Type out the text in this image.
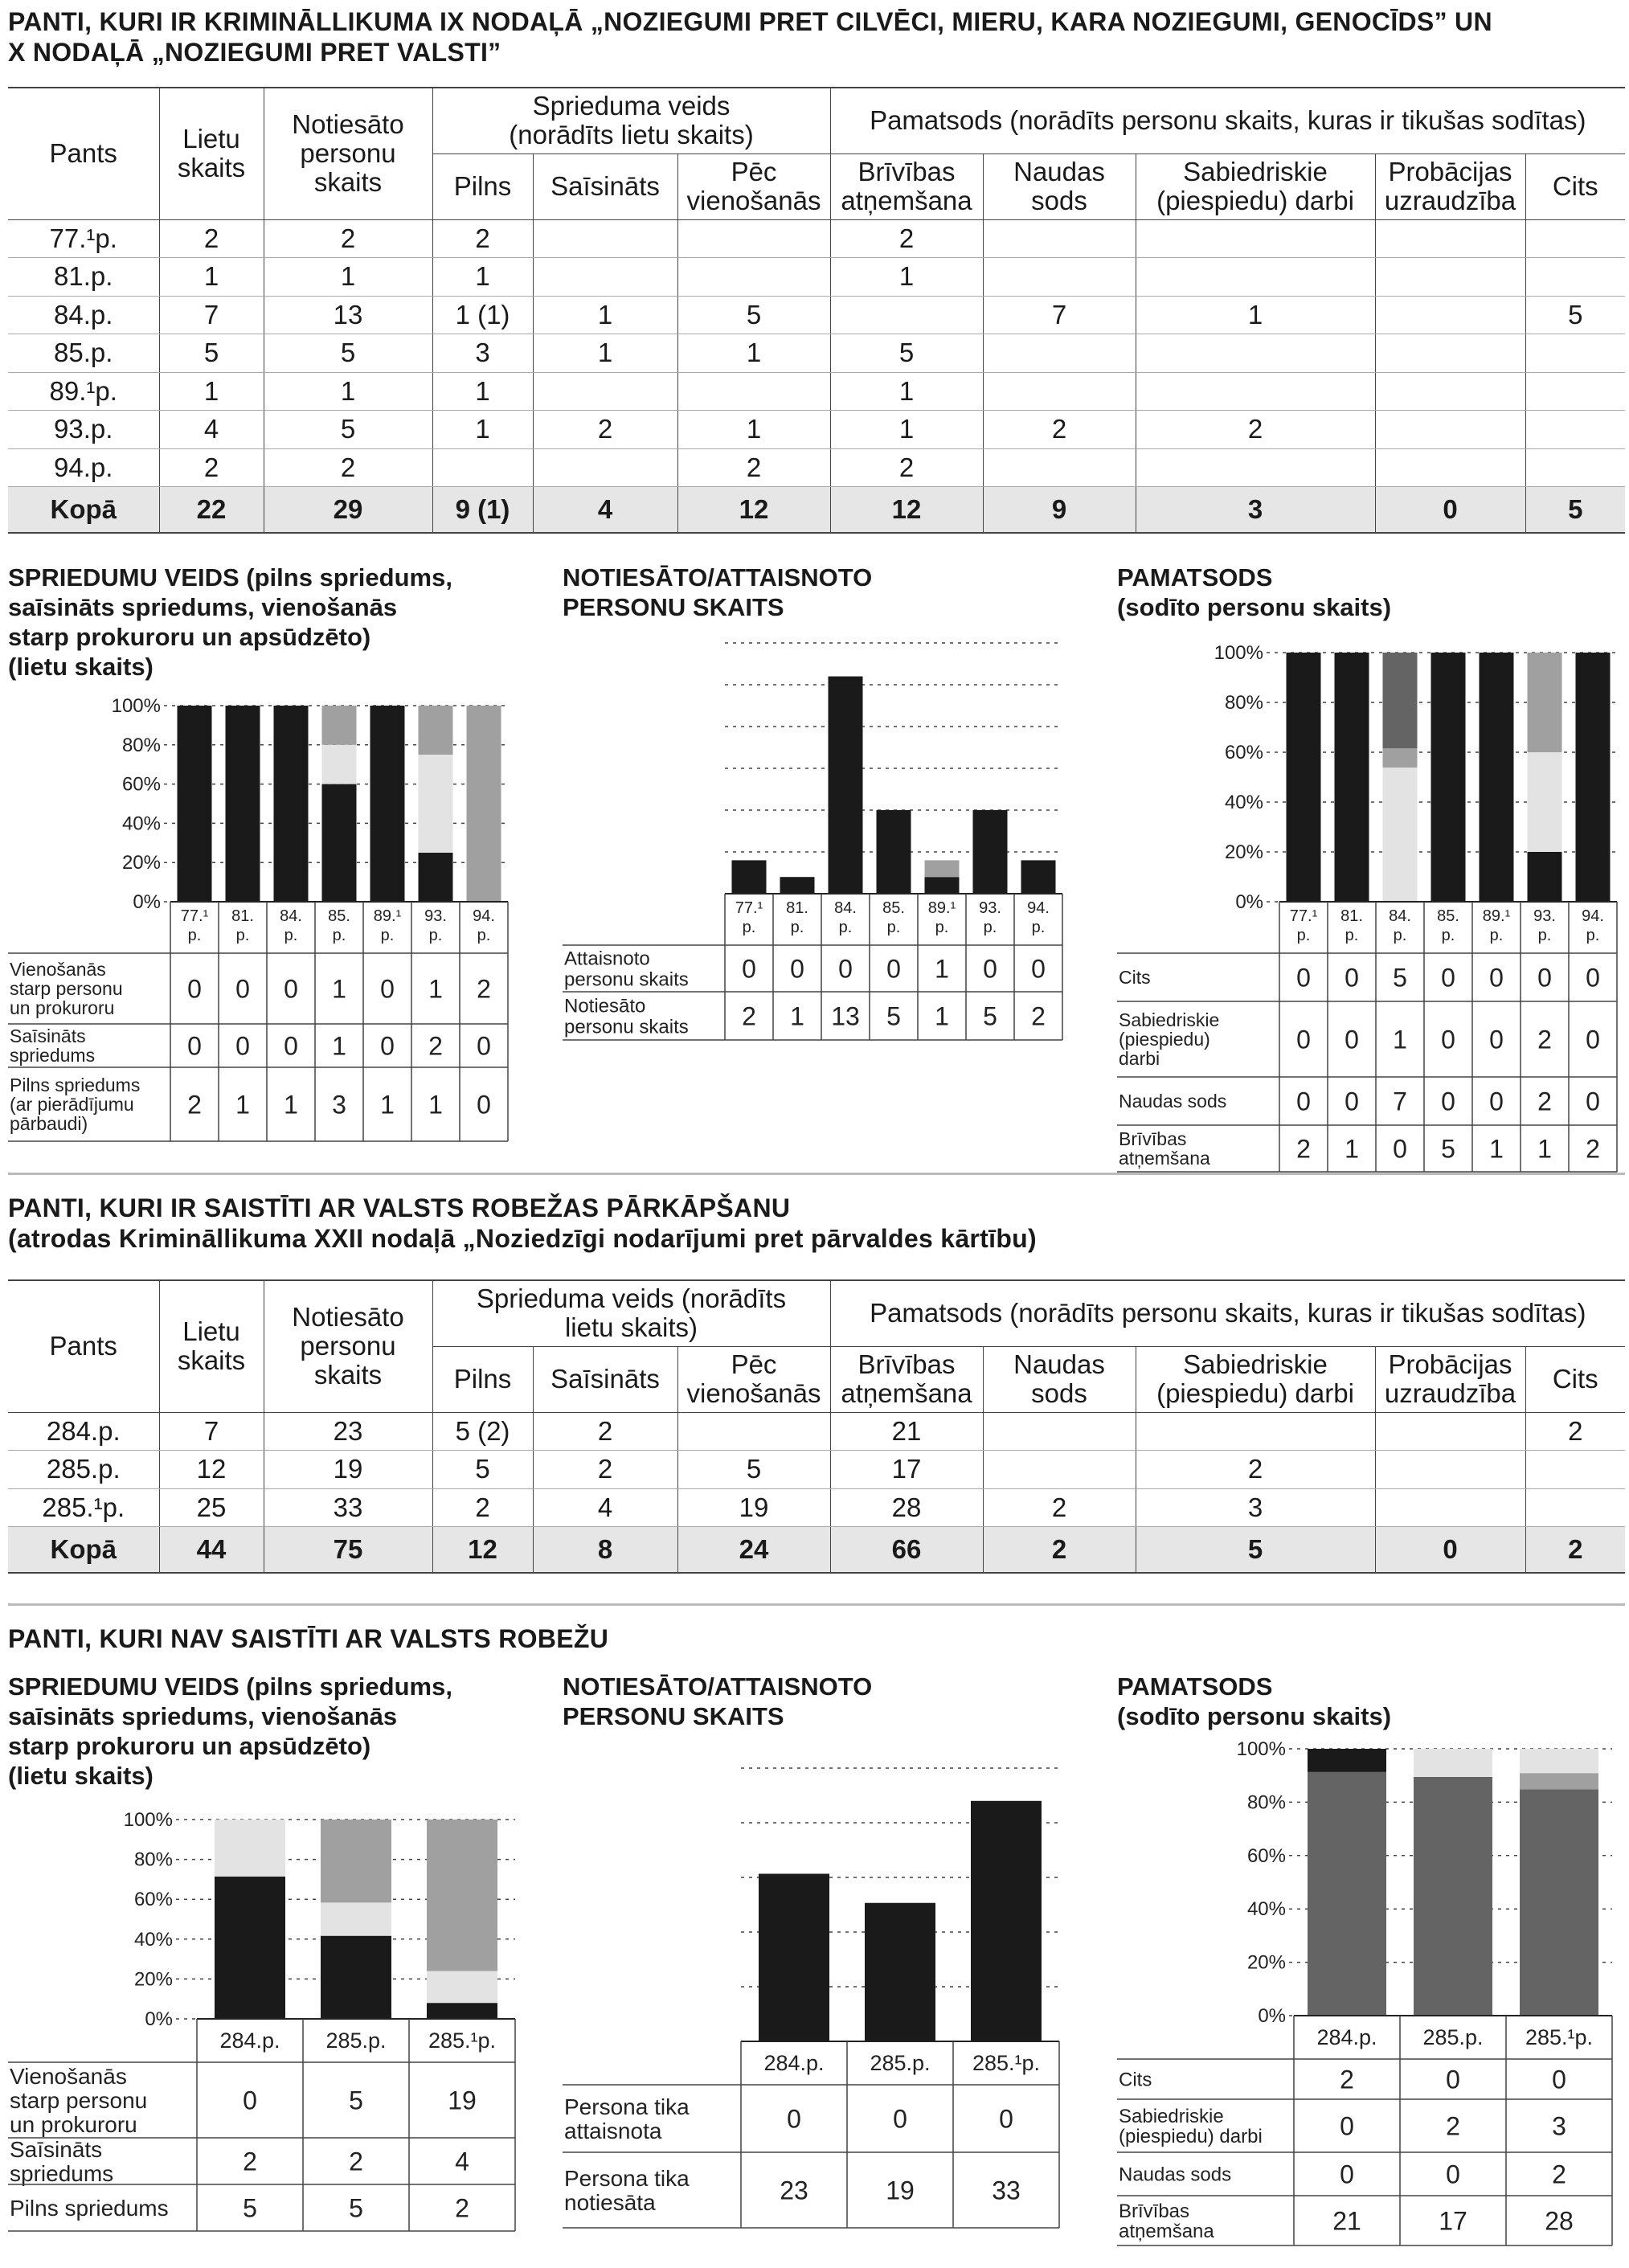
PANTI, KURI IR KRIMINĀLLIKUMA IX NODAĻĀ „NOZIEGUMI PRET CILVĒCI, MIERU, KARA NOZIEGUMI, GENOCĪDS” UN
X NODAĻĀ „NOZIEGUMI PRET VALSTI”
Pants	Lietu
skaits	Notiesāto
personu
skaits	Sprieduma veids
(norādīts lietu skaits)			Pamatsods (norādīts personu skaits, kuras ir tikušas sodītas)				
			Pilns	Saīsināts	Pēc
vienošanās	Brīvības
atņemšana	Naudas
sods	Sabiedriskie
(piespiedu) darbi	Probācijas
uzraudzība	Cits
77.¹p.	2	2	2			2				
81.p.	1	1	1			1				
84.p.	7	13	1 (1)	1	5		7	1		5
85.p.	5	5	3	1	1	5				
89.¹p.	1	1	1			1				
93.p.	4	5	1	2	1	1	2	2		
94.p.	2	2			2	2				
Kopā	22	29	9 (1)	4	12	12	9	3	0	5
SPRIEDUMU VEIDS (pilns spriedums,
saīsināts spriedums, vienošanās
starp prokuroru un apsūdzēto)
(lietu skaits)
NOTIESĀTO/ATTAISNOTO
PERSONU SKAITS
PAMATSODS
(sodīto personu skaits)
0%
20%
40%
60%
80%
100%
77.¹
p.
81.
p.
84.
p.
85.
p.
89.¹
p.
93.
p.
94.
p.
Vienošanās
starp personu
un prokuroru
0 0 0 1 0 1 2
Saīsināts
spriedums	0 0 0 1 0 2 0
Pilns spriedums
(ar pierādījumu
pārbaudi)
2 1 1 3 1 1 0
77.¹
p.
81.
p.
84.
p.
85.
p.
89.¹
p.
93.
p.
94.
p.
Attaisnoto
personu skaits 0 0 0 0 1 0 0
Notiesāto
personu skaits 2 1 13 5 1 5 2
0%
20%
40%
60%
80%
100%
77.¹
p.
81.
p.
84.
p.
85.
p.
89.¹
p.
93.
p.
94.
p.
Cits	0 0 5 0 0 0 0
Sabiedriskie
(piespiedu)
darbi
0 0 1 0 0 2 0
Naudas sods	0 0 7 0 0 2 0
Brīvības
atņemšana	2 1 0 5 1 1 2
PANTI, KURI IR SAISTĪTI AR VALSTS ROBEŽAS PĀRKĀPŠANU
(atrodas Krimināllikuma XXII nodaļā „Noziedzīgi nodarījumi pret pārvaldes kārtību)
Pants	Lietu
skaits	Notiesāto
personu
skaits	Sprieduma veids (norādīts
lietu skaits)			Pamatsods (norādīts personu skaits, kuras ir tikušas sodītas)				
			Pilns	Saīsināts	Pēc
vienošanās	Brīvības
atņemšana	Naudas
sods	Sabiedriskie
(piespiedu) darbi	Probācijas
uzraudzība	Cits
284.p.	7	23	5 (2)	2		21				2
285.p.	12	19	5	2	5	17		2		
285.¹p.	25	33	2	4	19	28	2	3		
Kopā	44	75	12	8	24	66	2	5	0	2
PANTI, KURI NAV SAISTĪTI AR VALSTS ROBEŽU
SPRIEDUMU VEIDS (pilns spriedums,
saīsināts spriedums, vienošanās
starp prokuroru un apsūdzēto)
(lietu skaits)
NOTIESĀTO/ATTAISNOTO
PERSONU SKAITS
PAMATSODS
(sodīto personu skaits)
0%
20%
40%
60%
80%
100%
284.p. 285.p. 285.¹p.
Vienošanās
starp personu
un prokuroru
0	5	19
Saīsināts
spriedums	2	2	4
Pilns spriedums	5	5	2
284.p. 285.p. 285.¹p.
Persona tika
attaisnota	0	0	0
Persona tika
notiesāta	23	19	33
0%
20%
40%
60%
80%
100%
284.p. 285.p. 285.¹p.
Cits	2	0	0
Sabiedriskie
(piespiedu) darbi	0	2	3
Naudas sods	0	0	2
Brīvības
atņemšana	21	17	28
